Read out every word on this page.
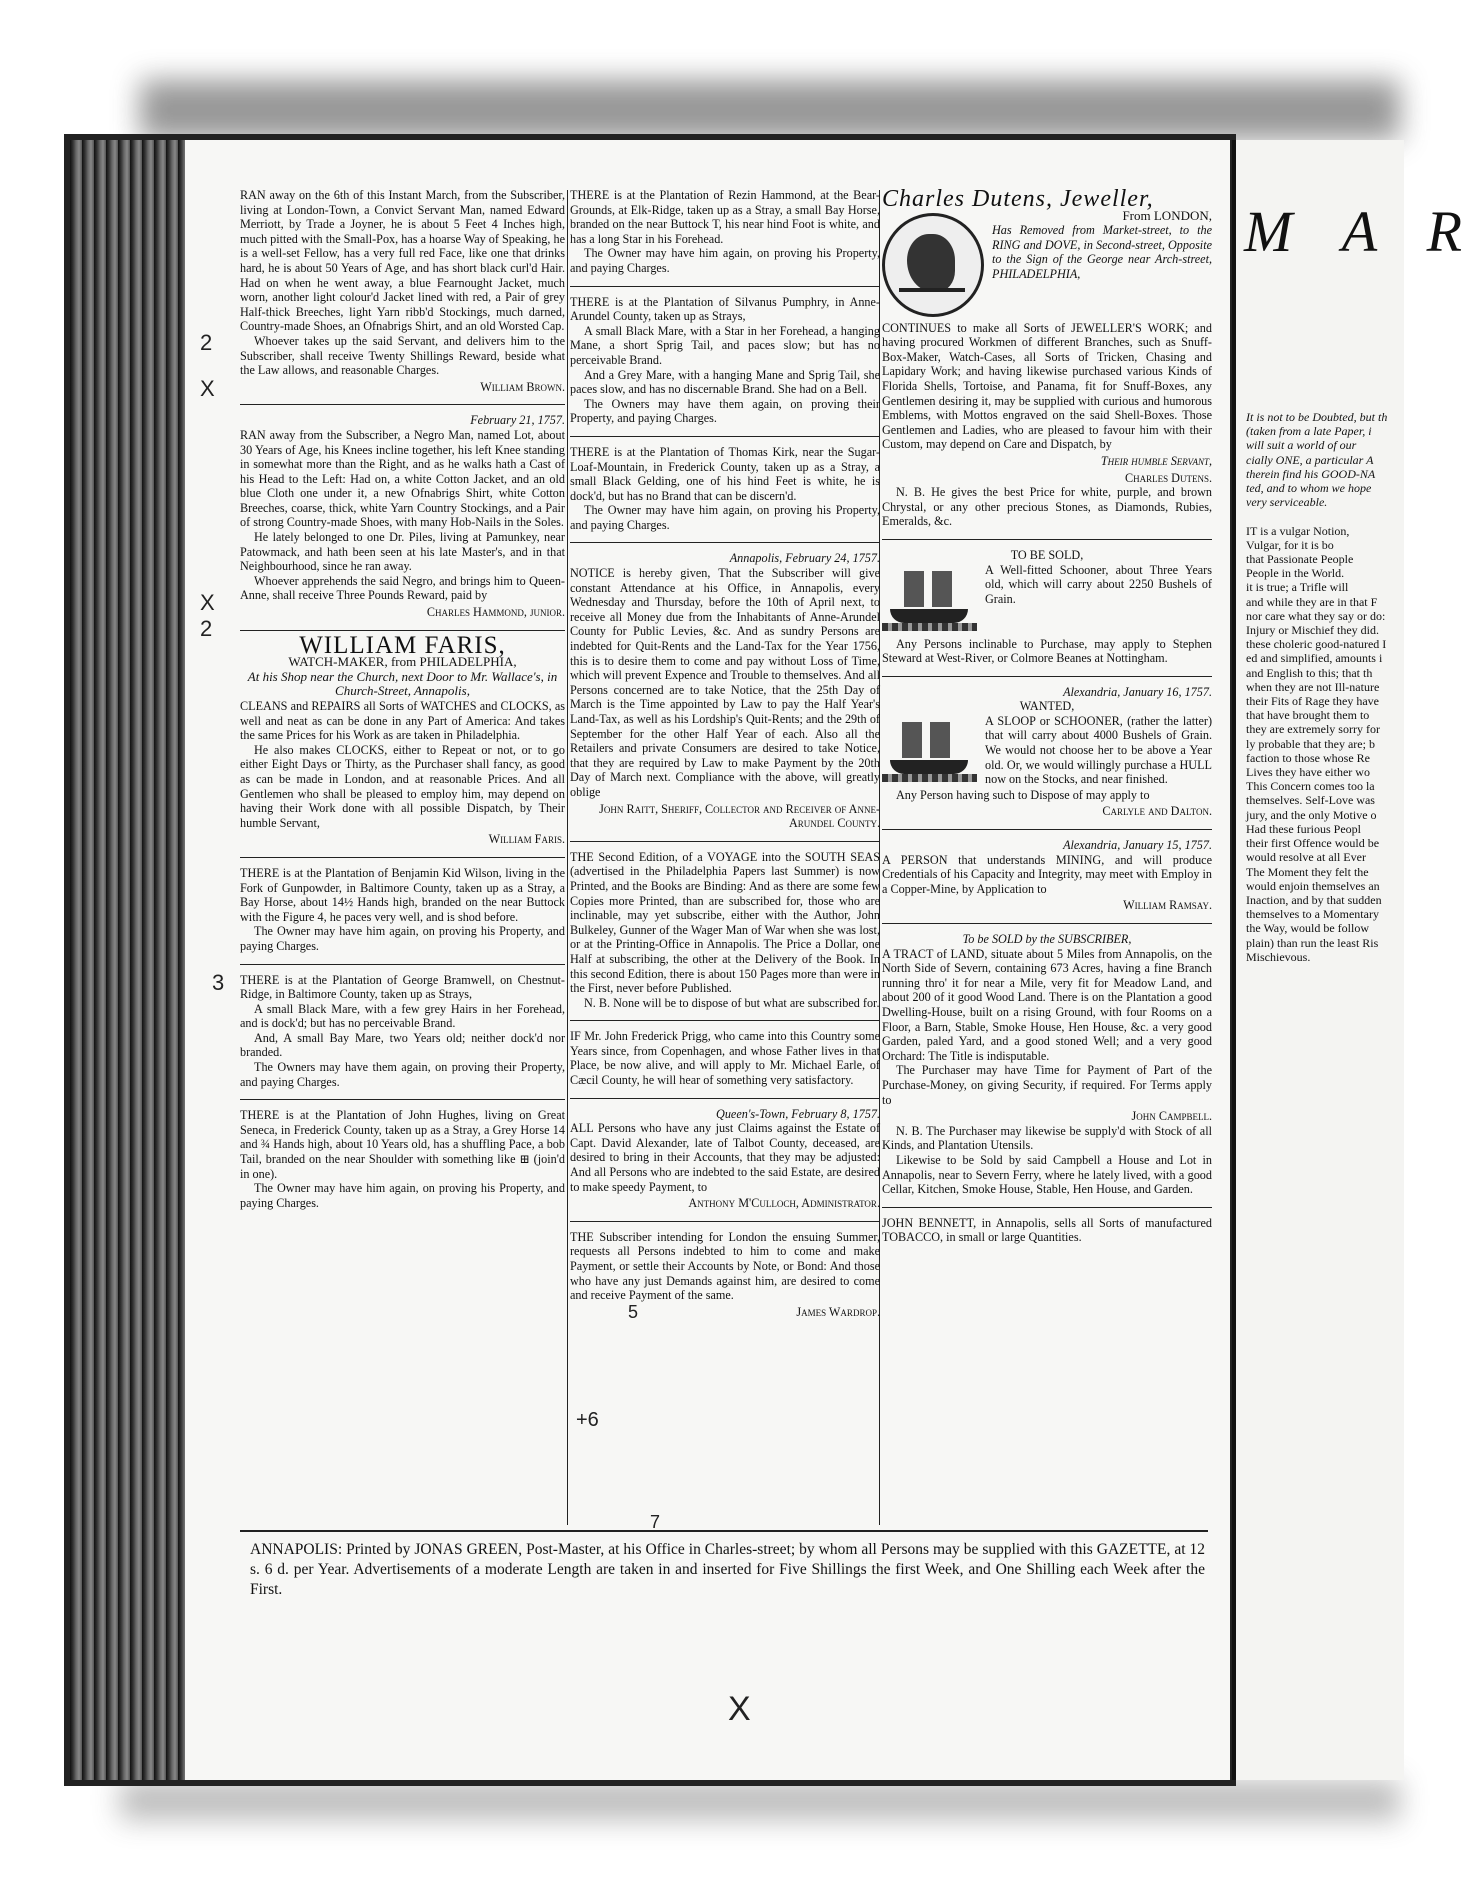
RAN away on the 6th of this Instant March, from the Subscriber, living at London-Town, a Convict Servant Man, named Edward Merriott, by Trade a Joyner, he is about 5 Feet 4 Inches high, much pitted with the Small-Pox, has a hoarse Way of Speaking, he is a well-set Fellow, has a very full red Face, like one that drinks hard, he is about 50 Years of Age, and has short black curl'd Hair. Had on when he went away, a blue Fearnought Jacket, much worn, another light colour'd Jacket lined with red, a Pair of grey Half-thick Breeches, light Yarn ribb'd Stockings, much darned, Country-made Shoes, an Ofnabrigs Shirt, and an old Worsted Cap.

Whoever takes up the said Servant, and delivers him to the Subscriber, shall receive Twenty Shillings Reward, beside what the Law allows, and reasonable Charges.

William Brown.
February 21, 1757.

RAN away from the Subscriber, a Negro Man, named Lot, about 30 Years of Age, his Knees incline together, his left Knee standing in somewhat more than the Right, and as he walks hath a Cast of his Head to the Left: Had on, a white Cotton Jacket, and an old blue Cloth one under it, a new Ofnabrigs Shirt, white Cotton Breeches, coarse, thick, white Yarn Country Stockings, and a Pair of strong Country-made Shoes, with many Hob-Nails in the Soles.

He lately belonged to one Dr. Piles, living at Pamunkey, near Patowmack, and hath been seen at his late Master's, and in that Neighbourhood, since he ran away.

Whoever apprehends the said Negro, and brings him to Queen-Anne, shall receive Three Pounds Reward, paid by

Charles Hammond, junior.
WILLIAM FARIS,
WATCH-MAKER, from PHILADELPHIA,
At his Shop near the Church, next Door to Mr. Wallace's, in Church-Street, Annapolis,

CLEANS and REPAIRS all Sorts of WATCHES and CLOCKS, as well and neat as can be done in any Part of America: And takes the same Prices for his Work as are taken in Philadelphia.

He also makes CLOCKS, either to Repeat or not, or to go either Eight Days or Thirty, as the Purchaser shall fancy, as good as can be made in London, and at reasonable Prices. And all Gentlemen who shall be pleased to employ him, may depend on having their Work done with all possible Dispatch, by Their humble Servant,

William Faris.

THERE is at the Plantation of Benjamin Kid Wilson, living in the Fork of Gunpowder, in Baltimore County, taken up as a Stray, a Bay Horse, about 14½ Hands high, branded on the near Buttock with the Figure 4, he paces very well, and is shod before.

The Owner may have him again, on proving his Property, and paying Charges.

THERE is at the Plantation of George Bramwell, on Chestnut-Ridge, in Baltimore County, taken up as Strays,

A small Black Mare, with a few grey Hairs in her Forehead, and is dock'd; but has no perceivable Brand.

And, A small Bay Mare, two Years old; neither dock'd nor branded.

The Owners may have them again, on proving their Property, and paying Charges.

THERE is at the Plantation of John Hughes, living on Great Seneca, in Frederick County, taken up as a Stray, a Grey Horse 14 and ¾ Hands high, about 10 Years old, has a shuffling Pace, a bob Tail, branded on the near Shoulder with something like ⊞ (join'd in one).

The Owner may have him again, on proving his Property, and paying Charges.

THERE is at the Plantation of Rezin Hammond, at the Bear-Grounds, at Elk-Ridge, taken up as a Stray, a small Bay Horse, branded on the near Buttock T, his near hind Foot is white, and has a long Star in his Forehead.

The Owner may have him again, on proving his Property, and paying Charges.

THERE is at the Plantation of Silvanus Pumphry, in Anne-Arundel County, taken up as Strays,

A small Black Mare, with a Star in her Forehead, a hanging Mane, a short Sprig Tail, and paces slow; but has no perceivable Brand.

And a Grey Mare, with a hanging Mane and Sprig Tail, she paces slow, and has no discernable Brand. She had on a Bell.

The Owners may have them again, on proving their Property, and paying Charges.

THERE is at the Plantation of Thomas Kirk, near the Sugar-Loaf-Mountain, in Frederick County, taken up as a Stray, a small Black Gelding, one of his hind Feet is white, he is dock'd, but has no Brand that can be discern'd.

The Owner may have him again, on proving his Property, and paying Charges.

Annapolis, February 24, 1757.

NOTICE is hereby given, That the Subscriber will give constant Attendance at his Office, in Annapolis, every Wednesday and Thursday, before the 10th of April next, to receive all Money due from the Inhabitants of Anne-Arundel County for Public Levies, &c. And as sundry Persons are indebted for Quit-Rents and the Land-Tax for the Year 1756, this is to desire them to come and pay without Loss of Time, which will prevent Expence and Trouble to themselves. And all Persons concerned are to take Notice, that the 25th Day of March is the Time appointed by Law to pay the Half Year's Land-Tax, as well as his Lordship's Quit-Rents; and the 29th of September for the other Half Year of each. Also all the Retailers and private Consumers are desired to take Notice, that they are required by Law to make Payment by the 20th Day of March next. Compliance with the above, will greatly oblige

John Raitt, Sheriff, Collector and Receiver of Anne-Arundel County.

THE Second Edition, of a VOYAGE into the SOUTH SEAS (advertised in the Philadelphia Papers last Summer) is now Printed, and the Books are Binding: And as there are some few Copies more Printed, than are subscribed for, those who are inclinable, may yet subscribe, either with the Author, John Bulkeley, Gunner of the Wager Man of War when she was lost, or at the Printing-Office in Annapolis. The Price a Dollar, one Half at subscribing, the other at the Delivery of the Book. In this second Edition, there is about 150 Pages more than were in the First, never before Published.

N. B. None will be to dispose of but what are subscribed for.

IF Mr. John Frederick Prigg, who came into this Country some Years since, from Copenhagen, and whose Father lives in that Place, be now alive, and will apply to Mr. Michael Earle, of Cæcil County, he will hear of something very satisfactory.

Queen's-Town, February 8, 1757.

ALL Persons who have any just Claims against the Estate of Capt. David Alexander, late of Talbot County, deceased, are desired to bring in their Accounts, that they may be adjusted: And all Persons who are indebted to the said Estate, are desired to make speedy Payment, to

Anthony M'Culloch, Administrator.

THE Subscriber intending for London the ensuing Summer, requests all Persons indebted to him to come and make Payment, or settle their Accounts by Note, or Bond: And those who have any just Demands against him, are desired to come and receive Payment of the same.

James Wardrop.
Charles Dutens, Jeweller,
From LONDON,

Has Removed from Market-street, to the RING and DOVE, in Second-street, Opposite to the Sign of the George near Arch-street, PHILADELPHIA,

CONTINUES to make all Sorts of JEWELLER'S WORK; and having procured Workmen of different Branches, such as Snuff-Box-Maker, Watch-Cases, all Sorts of Tricken, Chasing and Lapidary Work; and having likewise purchased various Kinds of Florida Shells, Tortoise, and Panama, fit for Snuff-Boxes, any Gentlemen desiring it, may be supplied with curious and humorous Emblems, with Mottos engraved on the said Shell-Boxes. Those Gentlemen and Ladies, who are pleased to favour him with their Custom, may depend on Care and Dispatch, by

Their humble Servant,
Charles Dutens.

N. B. He gives the best Price for white, purple, and brown Chrystal, or any other precious Stones, as Diamonds, Rubies, Emeralds, &c.

TO BE SOLD,

A Well-fitted Schooner, about Three Years old, which will carry about 2250 Bushels of Grain.

Any Persons inclinable to Purchase, may apply to Stephen Steward at West-River, or Colmore Beanes at Nottingham.

Alexandria, January 16, 1757.
WANTED,

A SLOOP or SCHOONER, (rather the latter) that will carry about 4000 Bushels of Grain. We would not choose her to be above a Year old. Or, we would willingly purchase a HULL now on the Stocks, and near finished.

Any Person having such to Dispose of may apply to

Carlyle and Dalton.
Alexandria, January 15, 1757.

A PERSON that understands MINING, and will produce Credentials of his Capacity and Integrity, may meet with Employ in a Copper-Mine, by Application to

William Ramsay.
To be SOLD by the SUBSCRIBER,

A TRACT of LAND, situate about 5 Miles from Annapolis, on the North Side of Severn, containing 673 Acres, having a fine Branch running thro' it for near a Mile, very fit for Meadow Land, and about 200 of it good Wood Land. There is on the Plantation a good Dwelling-House, built on a rising Ground, with four Rooms on a Floor, a Barn, Stable, Smoke House, Hen House, &c. a very good Garden, paled Yard, and a good stoned Well; and a very good Orchard: The Title is indisputable.

The Purchaser may have Time for Payment of Part of the Purchase-Money, on giving Security, if required. For Terms apply to

John Campbell.

N. B. The Purchaser may likewise be supply'd with Stock of all Kinds, and Plantation Utensils.

Likewise to be Sold by said Campbell a House and Lot in Annapolis, near to Severn Ferry, where he lately lived, with a good Cellar, Kitchen, Smoke House, Stable, Hen House, and Garden.

JOHN BENNETT, in Annapolis, sells all Sorts of manufactured TOBACCO, in small or large Quantities.

ANNAPOLIS: Printed by JONAS GREEN, Post-Master, at his Office in Charles-street; by whom all Persons may be supplied with this GAZETTE, at 12 s. 6 d. per Year. Advertisements of a moderate Length are taken in and inserted for Five Shillings the first Week, and One Shilling each Week after the First.
2
X
X
2
3
5
+6
7
X
M A R

It is not to be Doubted, but th

(taken from a late Paper, i

will suit a world of our

cially ONE, a particular A

therein find his GOOD-NA

ted, and to whom we hope

very serviceable.

IT is a vulgar Notion,

Vulgar, for it is bo

that Passionate People

People in the World.

it is true; a Trifle will

and while they are in that F

nor care what they say or do:

Injury or Mischief they did.

these choleric good-natured I

ed and simplified, amounts i

and English to this; that th

when they are not Ill-nature

their Fits of Rage they have

that have brought them to

they are extremely sorry for

ly probable that they are; b

faction to those whose Re

Lives they have either wo

This Concern comes too la

themselves. Self-Love was

jury, and the only Motive o

Had these furious Peopl

their first Offence would be

would resolve at all Ever

The Moment they felt the

would enjoin themselves an

Inaction, and by that sudden

themselves to a Momentary

the Way, would be follow

plain) than run the least Ris

Mischievous.
